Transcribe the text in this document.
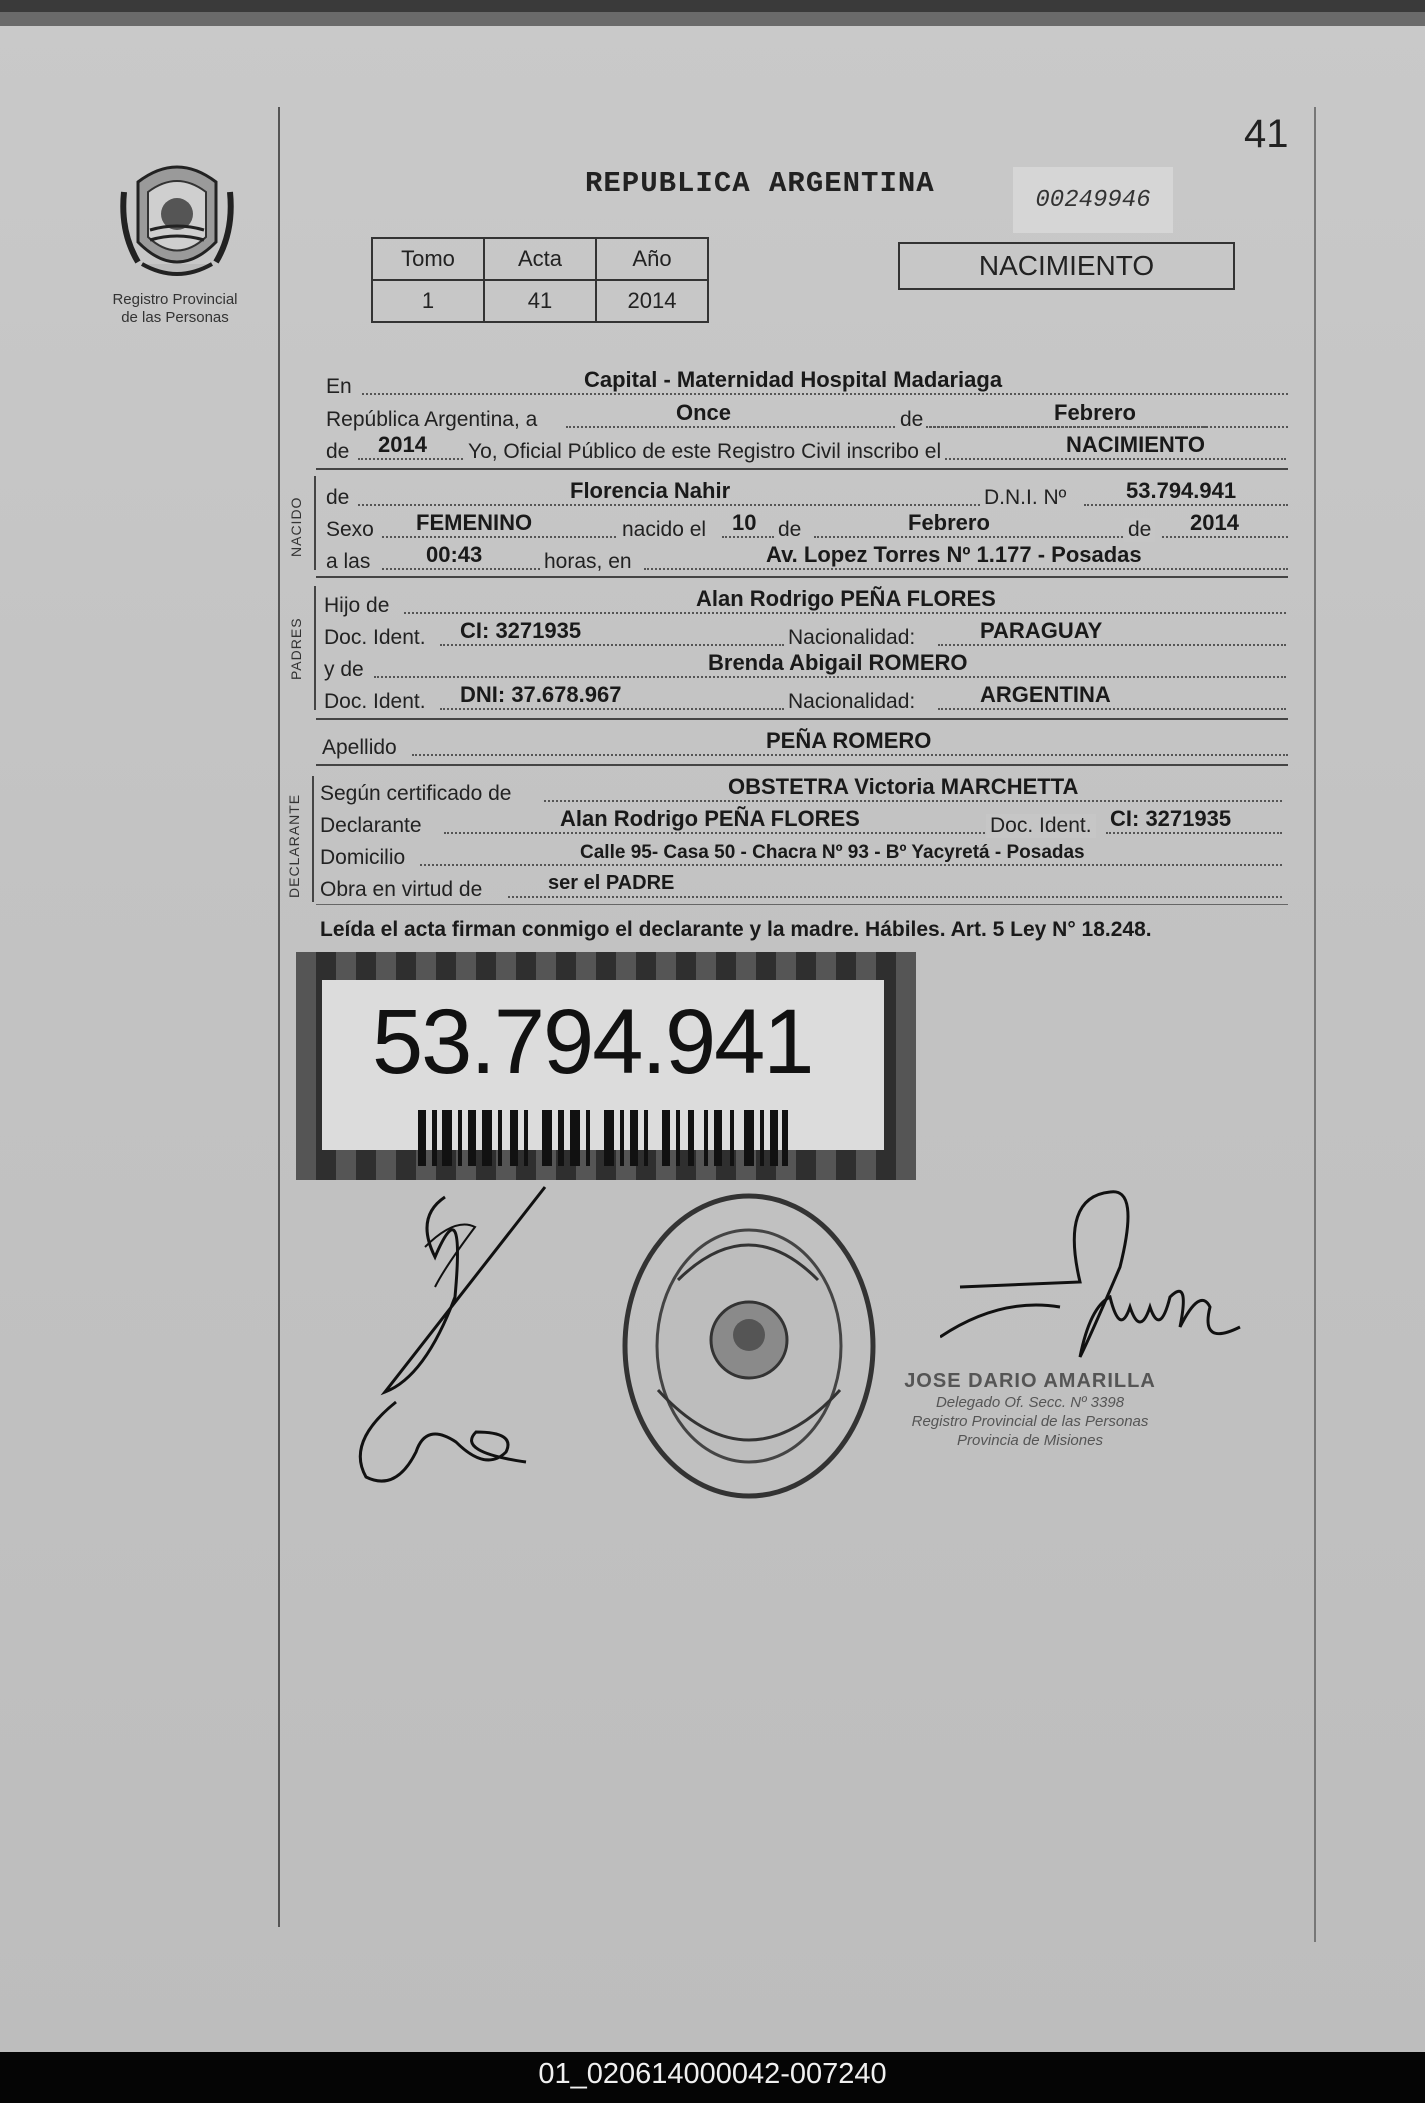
41
Registro Provincial
de las Personas
REPUBLICA ARGENTINA	00249946
Tomo	Acta	Año
1	41	2014
NACIMIENTO
En	Capital - Maternidad Hospital Madariaga
República Argentina, a	Once	de	Febrero
de 2014 Yo, Oficial Público de este Registro Civil inscribo el	NACIMIENTO
NACIDO de	Florencia Nahir	D.N.I. Nº	53.794.941
Sexo FEMENINO	nacido el 10 de	Febrero	de 2014
a las	00:43	horas, en	Av. Lopez Torres Nº 1.177 - Posadas
PADRES
Hijo de	Alan Rodrigo PEÑA FLORES
Doc. Ident. CI: 3271935	Nacionalidad:	PARAGUAY
y de	Brenda Abigail ROMERO
Doc. Ident. DNI: 37.678.967	Nacionalidad:	ARGENTINA
Apellido	PEÑA ROMERO
DECLARANTE
Según certificado de	OBSTETRA Victoria MARCHETTA
Declarante	Alan Rodrigo PEÑA FLORES	Doc. Ident. CI: 3271935
Domicilio	Calle 95- Casa 50 - Chacra Nº 93 - Bº Yacyretá - Posadas
Obra en virtud de	ser el PADRE
Leída el acta firman conmigo el declarante y la madre. Hábiles. Art. 5 Ley N° 18.248.
53.794.941
JOSE DARIO AMARILLA
Delegado Of. Secc. Nº 3398
Registro Provincial de las Personas
Provincia de Misiones
01_020614000042-007240
